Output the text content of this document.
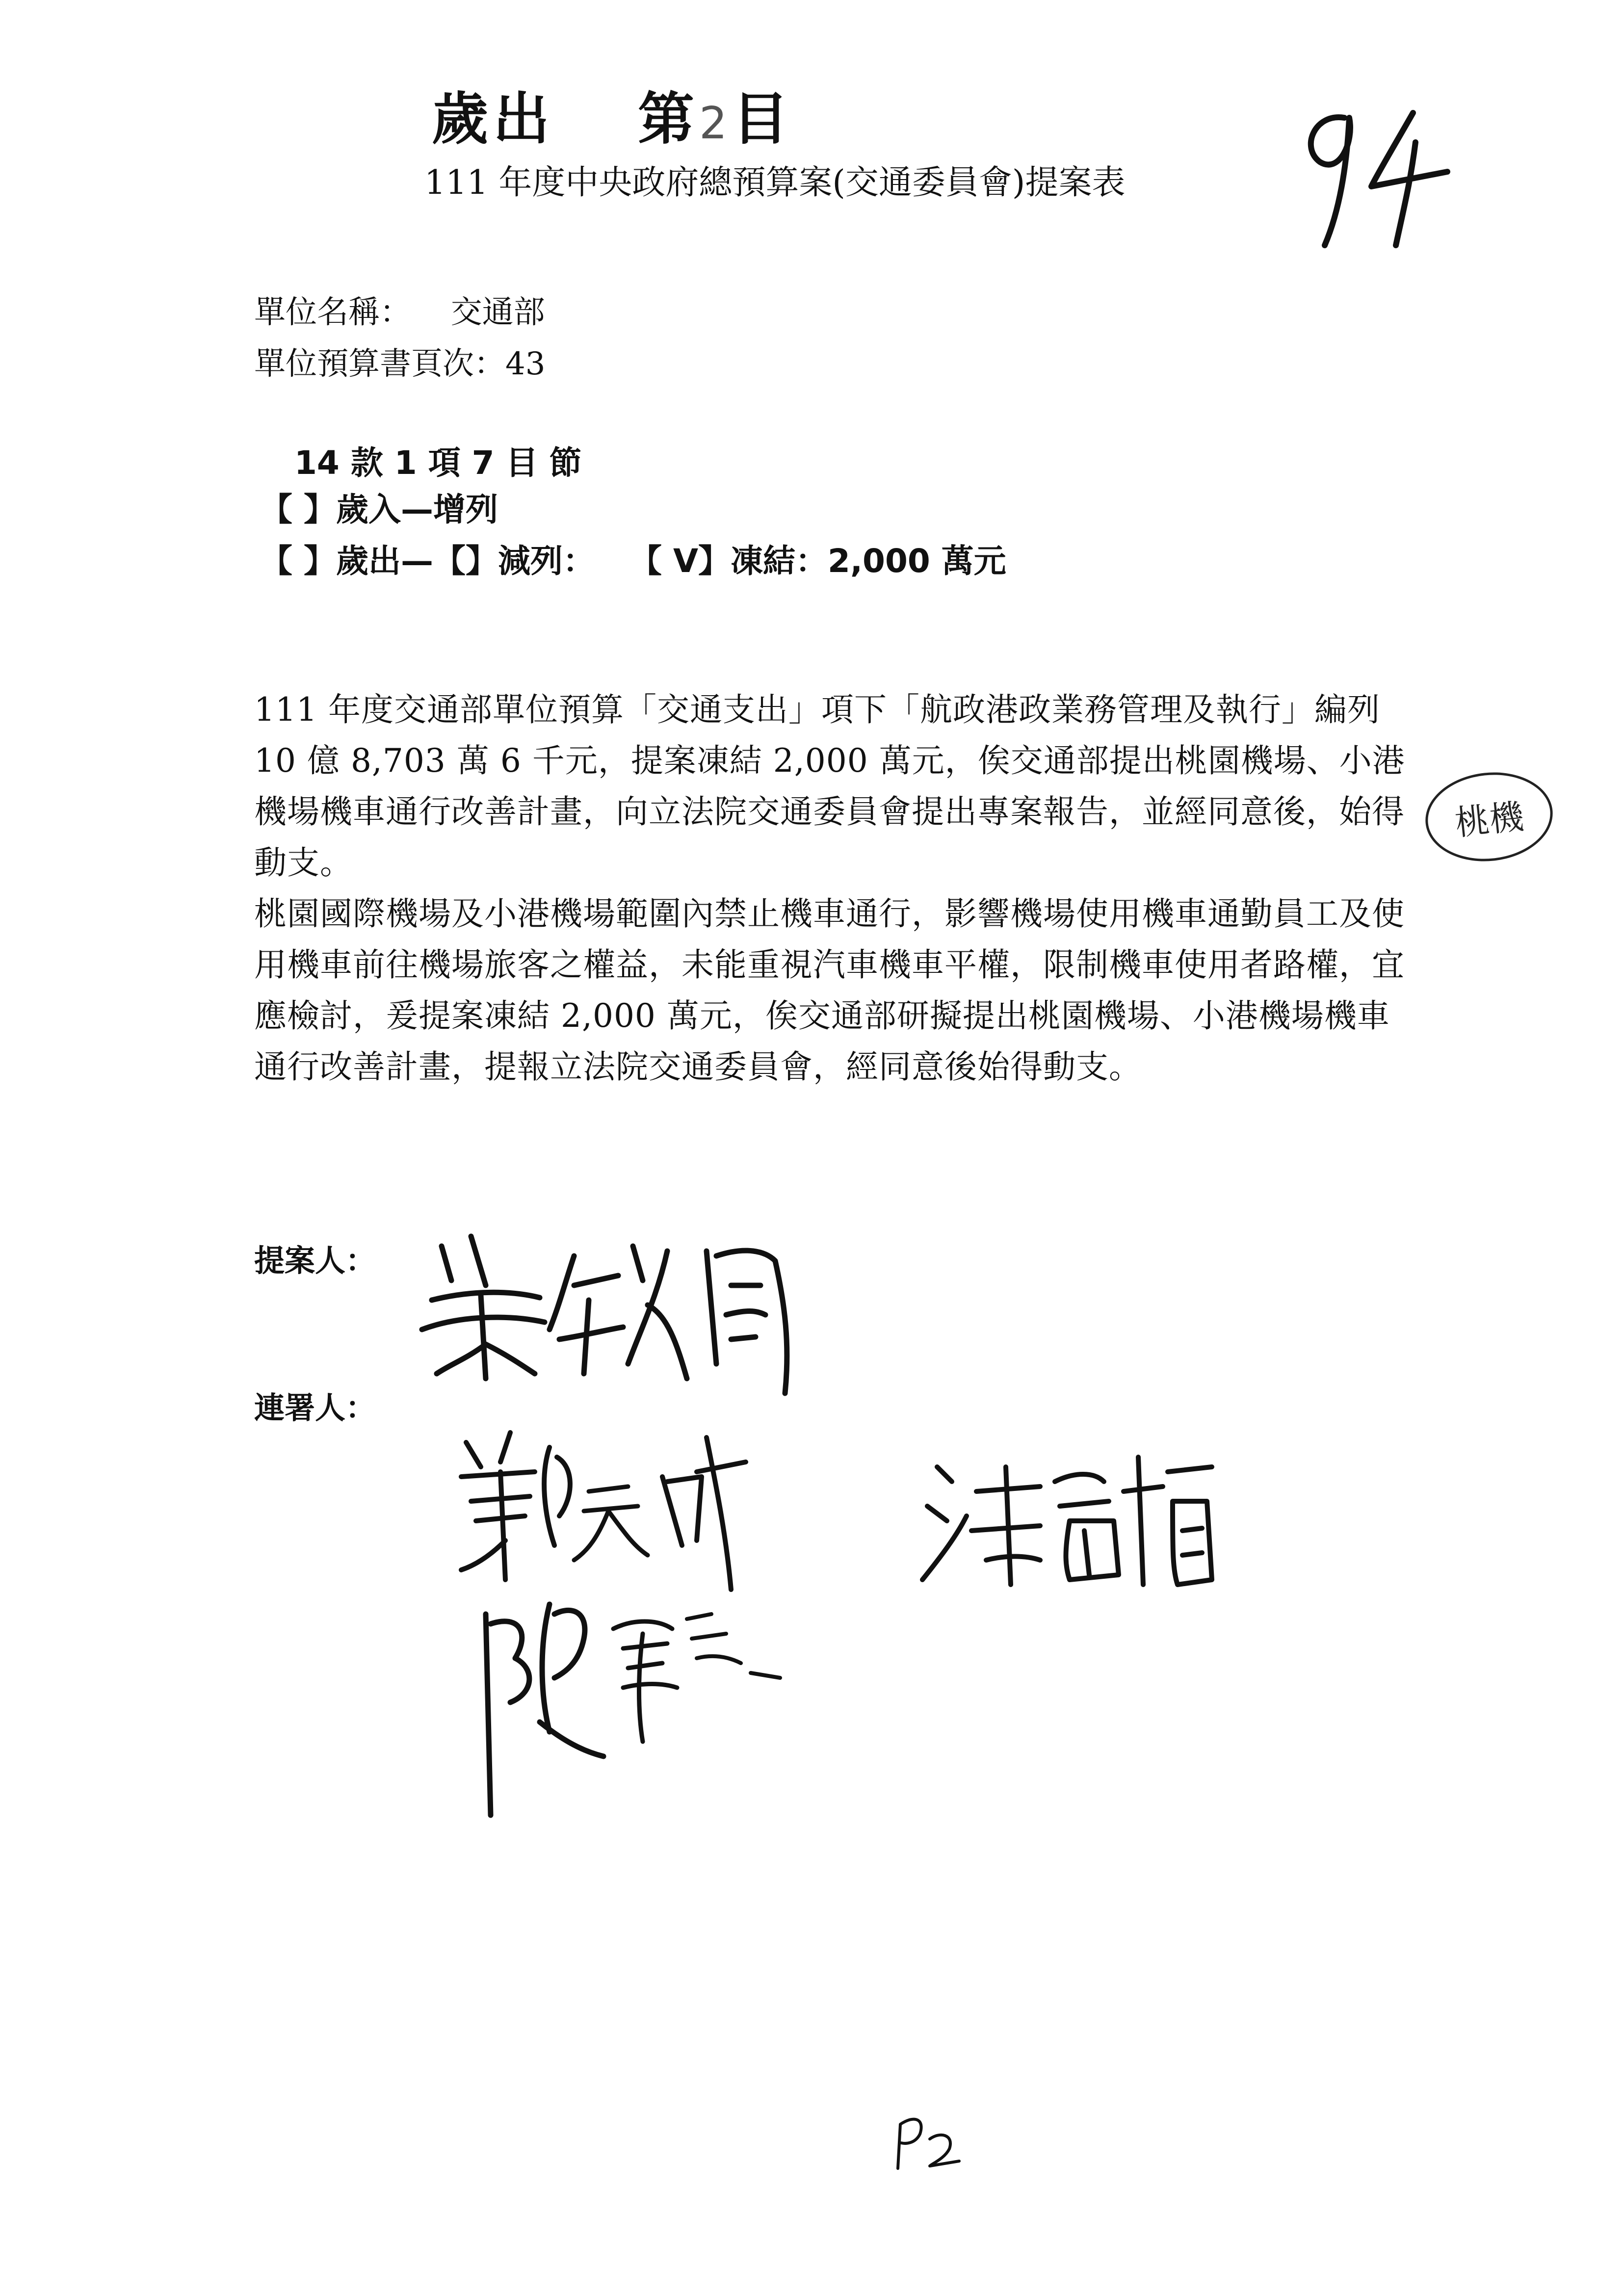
歲出 第2目
111 年度中央政府總預算案(交通委員會)提案表
單位名稱： 交通部
單位預算書頁次：43
14 款 1 項 7 目 節
【 】歲入—增列
【 】歲出—【】減列： 【 V】凍結：2,000 萬元
111 年度交通部單位預算「交通支出」項下「航政港政業務管理及執行」編列 10 億 8,703 萬 6 千元，提案凍結 2,000 萬元，俟交通部提出桃園機場、小港機場機車通行改善計畫，向立法院交通委員會提出專案報告，並經同意後，始得動支。
桃園國際機場及小港機場範圍內禁止機車通行，影響機場使用機車通勤員工及使用機車前往機場旅客之權益，未能重視汽車機車平權，限制機車使用者路權，宜應檢討，爰提案凍結 2,000 萬元，俟交通部研擬提出桃園機場、小港機場機車通行改善計畫，提報立法院交通委員會，經同意後始得動支。
桃機
提案人：
連署人：
